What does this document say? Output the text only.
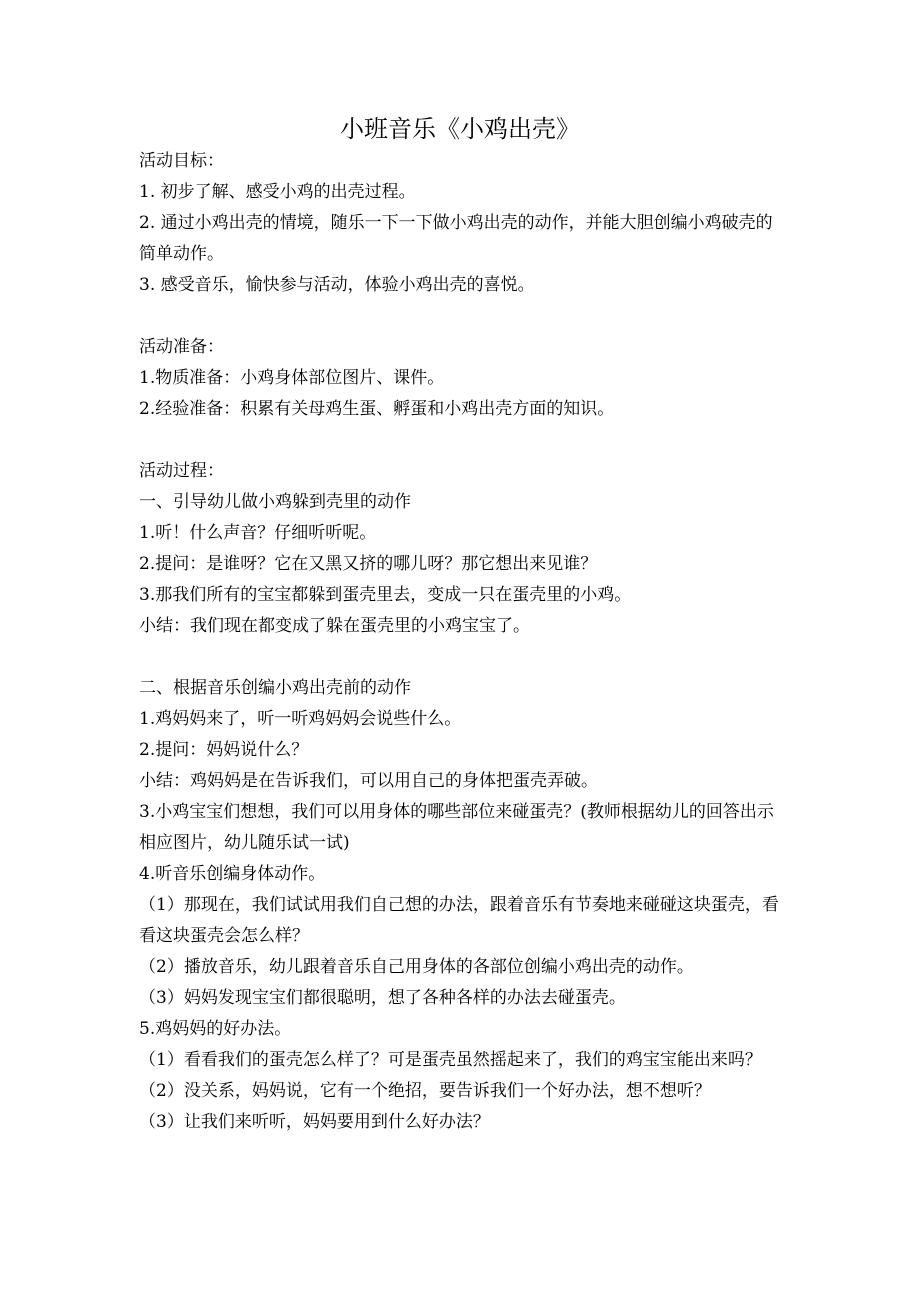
小班音乐《小鸡出壳》

活动目标：

1. 初步了解、感受小鸡的出壳过程。

2. 通过小鸡出壳的情境，随乐一下一下做小鸡出壳的动作，并能大胆创编小鸡破壳的简单动作。

3. 感受音乐，愉快参与活动，体验小鸡出壳的喜悦。

活动准备：

1.物质准备：小鸡身体部位图片、课件。

2.经验准备：积累有关母鸡生蛋、孵蛋和小鸡出壳方面的知识。

活动过程：

一、引导幼儿做小鸡躲到壳里的动作

1.听！什么声音？仔细听听呢。

2.提问：是谁呀？它在又黑又挤的哪儿呀？那它想出来见谁？

3.那我们所有的宝宝都躲到蛋壳里去，变成一只在蛋壳里的小鸡。

小结：我们现在都变成了躲在蛋壳里的小鸡宝宝了。

二、根据音乐创编小鸡出壳前的动作

1.鸡妈妈来了，听一听鸡妈妈会说些什么。

2.提问：妈妈说什么？

小结：鸡妈妈是在告诉我们，可以用自己的身体把蛋壳弄破。

3.小鸡宝宝们想想，我们可以用身体的哪些部位来碰蛋壳？(教师根据幼儿的回答出示相应图片，幼儿随乐试一试)

4.听音乐创编身体动作。

（1）那现在，我们试试用我们自己想的办法，跟着音乐有节奏地来碰碰这块蛋壳，看看这块蛋壳会怎么样？

（2）播放音乐，幼儿跟着音乐自己用身体的各部位创编小鸡出壳的动作。

（3）妈妈发现宝宝们都很聪明，想了各种各样的办法去碰蛋壳。

5.鸡妈妈的好办法。

（1）看看我们的蛋壳怎么样了？可是蛋壳虽然摇起来了，我们的鸡宝宝能出来吗？

（2）没关系，妈妈说，它有一个绝招，要告诉我们一个好办法，想不想听？

（3）让我们来听听，妈妈要用到什么好办法？
